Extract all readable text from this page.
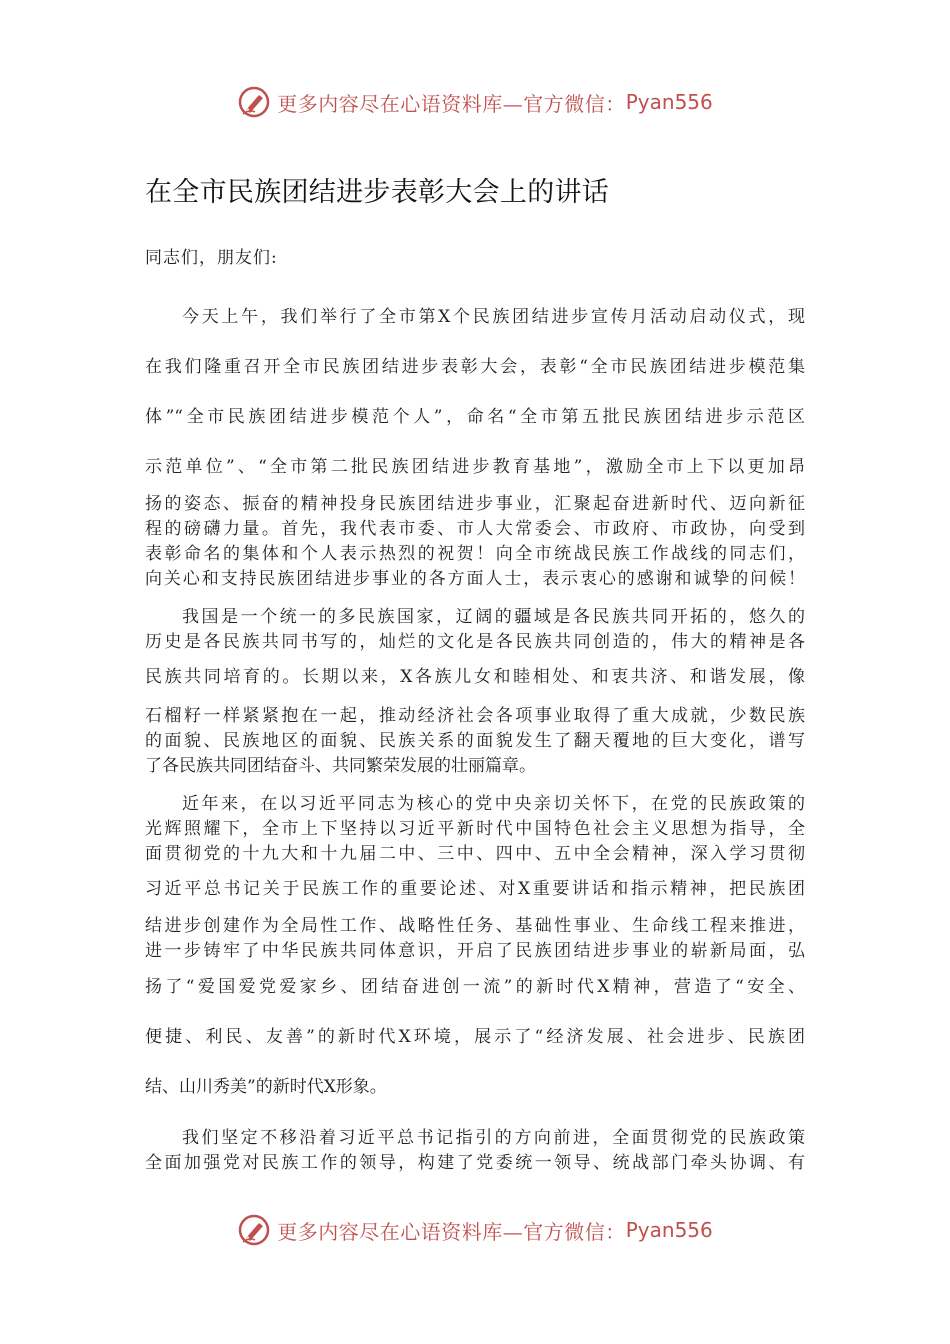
更多内容尽在心语资料库—官方微信： Pyan556
在全市民族团结进步表彰大会上的讲话
同志们，朋友们:
今天上午，我们举行了全市第X个民族团结进步宣传月活动启动仪式，现
在我们隆重召开全市民族团结进步表彰大会，表彰“全市民族团结进步模范集
体”“全市民族团结进步模范个人”，命名“全市第五批民族团结进步示范区
示范单位”、“全市第二批民族团结进步教育基地”，激励全市上下以更加昂
扬的姿态、振奋的精神投身民族团结进步事业，汇聚起奋进新时代、迈向新征
程的磅礴力量。首先，我代表市委、市人大常委会、市政府、市政协，向受到
表彰命名的集体和个人表示热烈的祝贺！向全市统战民族工作战线的同志们，
向关心和支持民族团结进步事业的各方面人士，表示衷心的感谢和诚挚的问候！
我国是一个统一的多民族国家，辽阔的疆域是各民族共同开拓的，悠久的
历史是各民族共同书写的，灿烂的文化是各民族共同创造的，伟大的精神是各
民族共同培育的。长期以来，X各族儿女和睦相处、和衷共济、和谐发展，像
石榴籽一样紧紧抱在一起，推动经济社会各项事业取得了重大成就，少数民族
的面貌、民族地区的面貌、民族关系的面貌发生了翻天覆地的巨大变化，谱写
了各民族共同团结奋斗、共同繁荣发展的壮丽篇章。
近年来，在以习近平同志为核心的党中央亲切关怀下，在党的民族政策的
光辉照耀下，全市上下坚持以习近平新时代中国特色社会主义思想为指导，全
面贯彻党的十九大和十九届二中、三中、四中、五中全会精神，深入学习贯彻
习近平总书记关于民族工作的重要论述、对X重要讲话和指示精神，把民族团
结进步创建作为全局性工作、战略性任务、基础性事业、生命线工程来推进，
进一步铸牢了中华民族共同体意识，开启了民族团结进步事业的崭新局面，弘
扬了“爱国爱党爱家乡、团结奋进创一流”的新时代X精神，营造了“安全、
便捷、利民、友善”的新时代X环境，展示了“经济发展、社会进步、民族团
结、山川秀美”的新时代X形象。
我们坚定不移沿着习近平总书记指引的方向前进，全面贯彻党的民族政策
全面加强党对民族工作的领导，构建了党委统一领导、统战部门牵头协调、有
更多内容尽在心语资料库—官方微信： Pyan556
